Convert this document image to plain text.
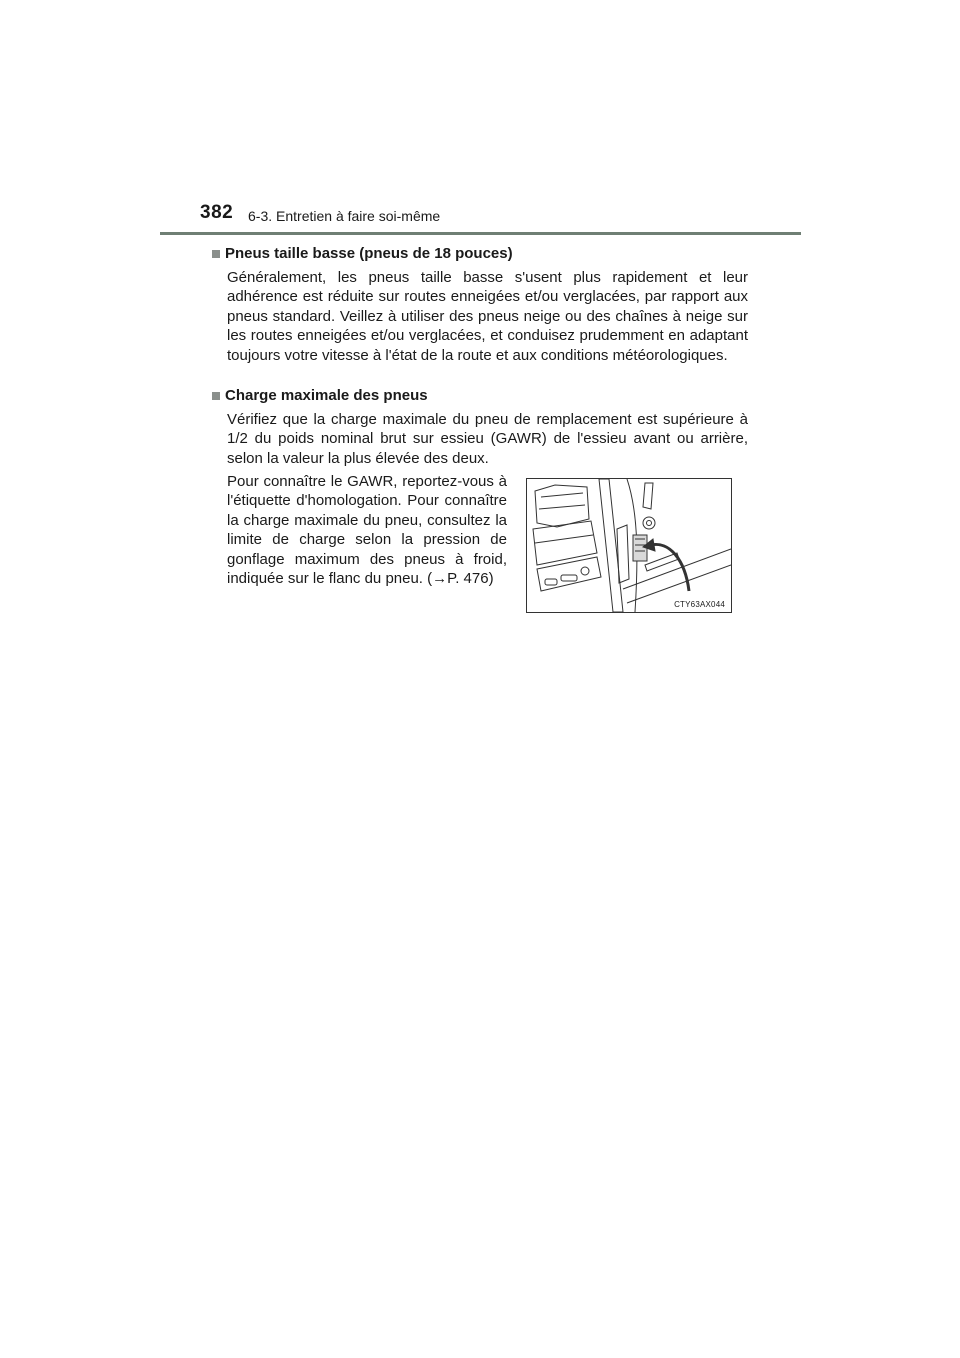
382 6-3. Entretien à faire soi-même
Pneus taille basse (pneus de 18 pouces)

Généralement, les pneus taille basse s'usent plus rapidement et leur adhérence est réduite sur routes enneigées et/ou verglacées, par rapport aux pneus standard. Veillez à utiliser des pneus neige ou des chaînes à neige sur les routes enneigées et/ou verglacées, et conduisez prudemment en adaptant toujours votre vitesse à l'état de la route et aux conditions météorologiques.

Charge maximale des pneus

Vérifiez que la charge maximale du pneu de remplacement est supérieure à 1/2 du poids nominal brut sur essieu (GAWR) de l'essieu avant ou arrière, selon la valeur la plus élevée des deux.

Pour connaître le GAWR, reportez-vous à l'étiquette d'homologation. Pour connaître la charge maximale du pneu, consultez la limite de charge selon la pression de gonflage maximum des pneus à froid, indiquée sur le flanc du pneu. (→P. 476)
CTY63AX044
